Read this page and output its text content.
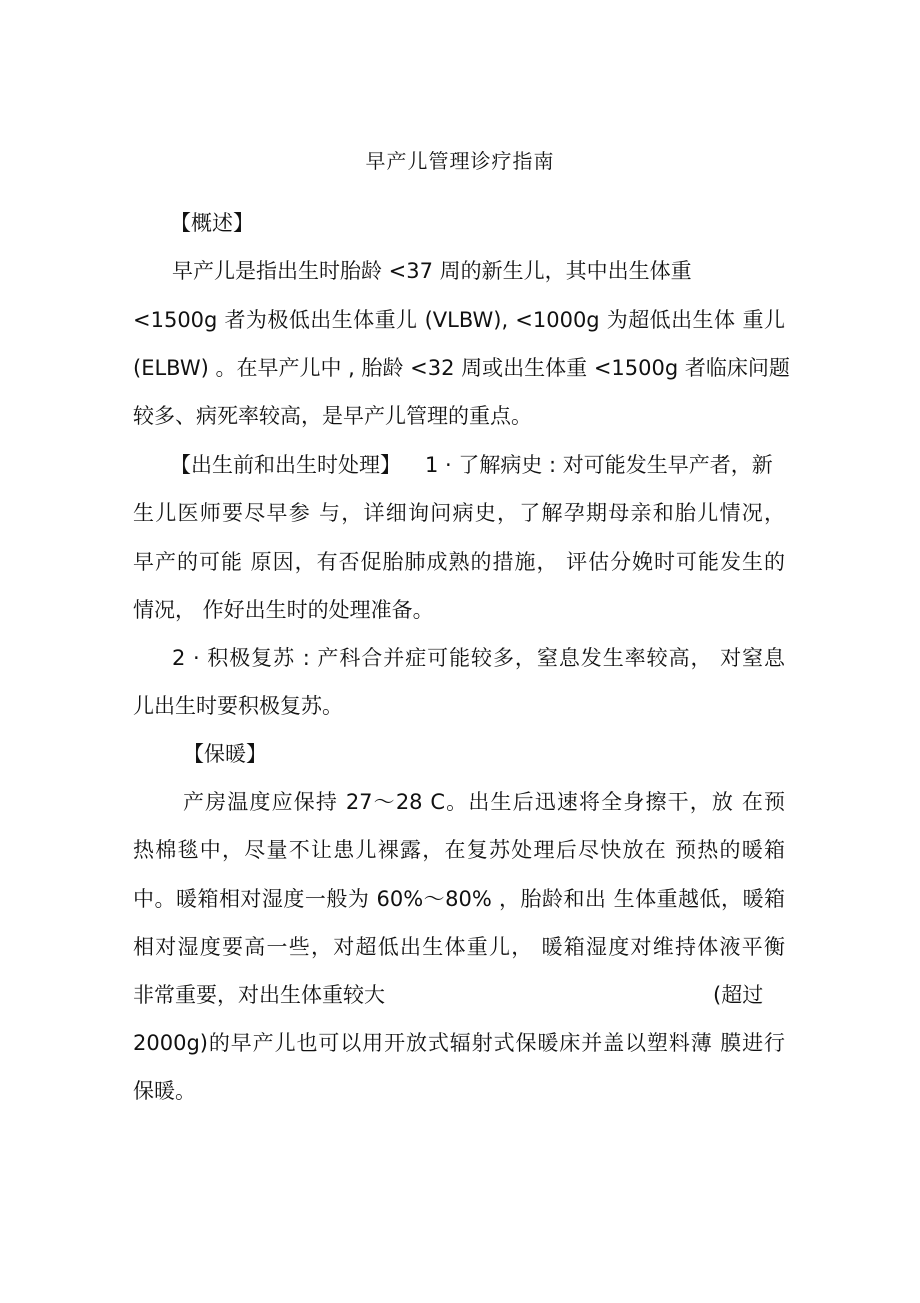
早产儿管理诊疗指南
【概述】
早产儿是指出生时胎龄 <37 周的新生儿，其中出生体重
<1500g 者为极低出生体重儿 (VLBW), <1000g 为超低出生体 重儿
(ELBW) 。在早产儿中 , 胎龄 <32 周或出生体重 <1500g 者临床问题
较多、病死率较高，是早产儿管理的重点。
【出生前和出生时处理】 1 · 了解病史 : 对可能发生早产者，新
生儿医师要尽早参 与，详细询问病史，了解孕期母亲和胎儿情况，
早产的可能 原因，有否促胎肺成熟的措施， 评估分娩时可能发生的
情况， 作好出生时的处理准备。
2 · 积极复苏 : 产科合并症可能较多，窒息发生率较高， 对窒息
儿出生时要积极复苏。
【保暖】
产房温度应保持 27～28 C。出生后迅速将全身擦干，放 在预
热棉毯中，尽量不让患儿裸露，在复苏处理后尽快放在 预热的暖箱
中。暖箱相对湿度一般为 60%～80% ，胎龄和出 生体重越低，暖箱
相对湿度要高一些，对超低出生体重儿， 暖箱湿度对维持体液平衡
非常重要，对出生体重较大	(超过
2000g)的早产儿也可以用开放式辐射式保暖床并盖以塑料薄 膜进行
保暖。
